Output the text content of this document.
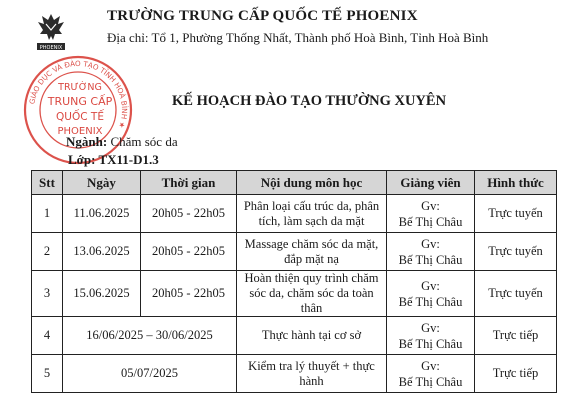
PHOENIX
TRƯỜNG TRUNG CẤP QUỐC TẾ PHOENIX
Địa chỉ: Tổ 1, Phường Thống Nhất, Thành phố Hoà Bình, Tỉnh Hoà Bình
GIÁO DỤC VÀ ĐÀO TẠO TỈNH HOÀ BÌNH ★
TRƯỜNG
TRUNG CẤP
QUỐC TẾ
PHOENIX
KẾ HOẠCH ĐÀO TẠO THƯỜNG XUYÊN
Ngành: Chăm sóc da
Lớp: TX11-D1.3
Stt	Ngày	Thời gian	Nội dung môn học	Giảng viên	Hình thức
1	11.06.2025	20h05 - 22h05	Phân loại cấu trúc da, phân tích, làm sạch da mặt	Gv:
Bế Thị Châu	Trực tuyến
2	13.06.2025	20h05 - 22h05	Massage chăm sóc da mặt, đắp mặt nạ	Gv:
Bế Thị Châu	Trực tuyến
3	15.06.2025	20h05 - 22h05	Hoàn thiện quy trình chăm sóc da, chăm sóc da toàn thân	Gv:
Bế Thị Châu	Trực tuyến
4	16/06/2025 – 30/06/2025		Thực hành tại cơ sở	Gv:
Bế Thị Châu	Trực tiếp
5	05/07/2025		Kiểm tra lý thuyết + thực hành	Gv:
Bế Thị Châu	Trực tiếp
